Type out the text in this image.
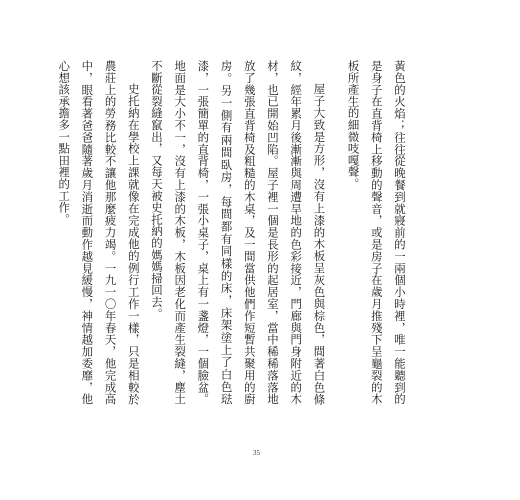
黃色的火焰；往往從晚餐到就寢前的一兩個小時裡，唯一能聽到的是身子在直背椅上移動的聲音，或是房子在歲月推殘下呈龜裂的木板所產生的細微吱嘎聲。

屋子大致是方形，沒有上漆的木板呈灰色與棕色，間著白色條紋，經年累月後漸漸與周遭旱地的色彩接近，門廊與門身附近的木材，也已開始凹陷。屋子裡一個是長形的起居室，當中稀稀落落地放了幾張直背椅及粗糙的木桌，及一間當供他們作短暫共聚用的廚房。另一側有兩間臥房，每間都有同樣的床，床架塗上了白色琺漆，一張簡單的直背椅，一張小桌子，桌上有一盞燈，一個臉盆。地面是大小不一，沒有上漆的木板，木板因老化而產生裂縫，塵土不斷從裂縫竄出，又每天被史托納的媽媽掃回去。

史托納在學校上課就像在完成他的例行工作一樣，只是相較於農莊上的勞務比較不讓他那麼疲力竭。一九一〇年春天，他完成高中，眼看著爸爸隨著歲月消逝而動作越見緩慢，神情越加委靡，他心想該承擔多一點田裡的工作。

35
